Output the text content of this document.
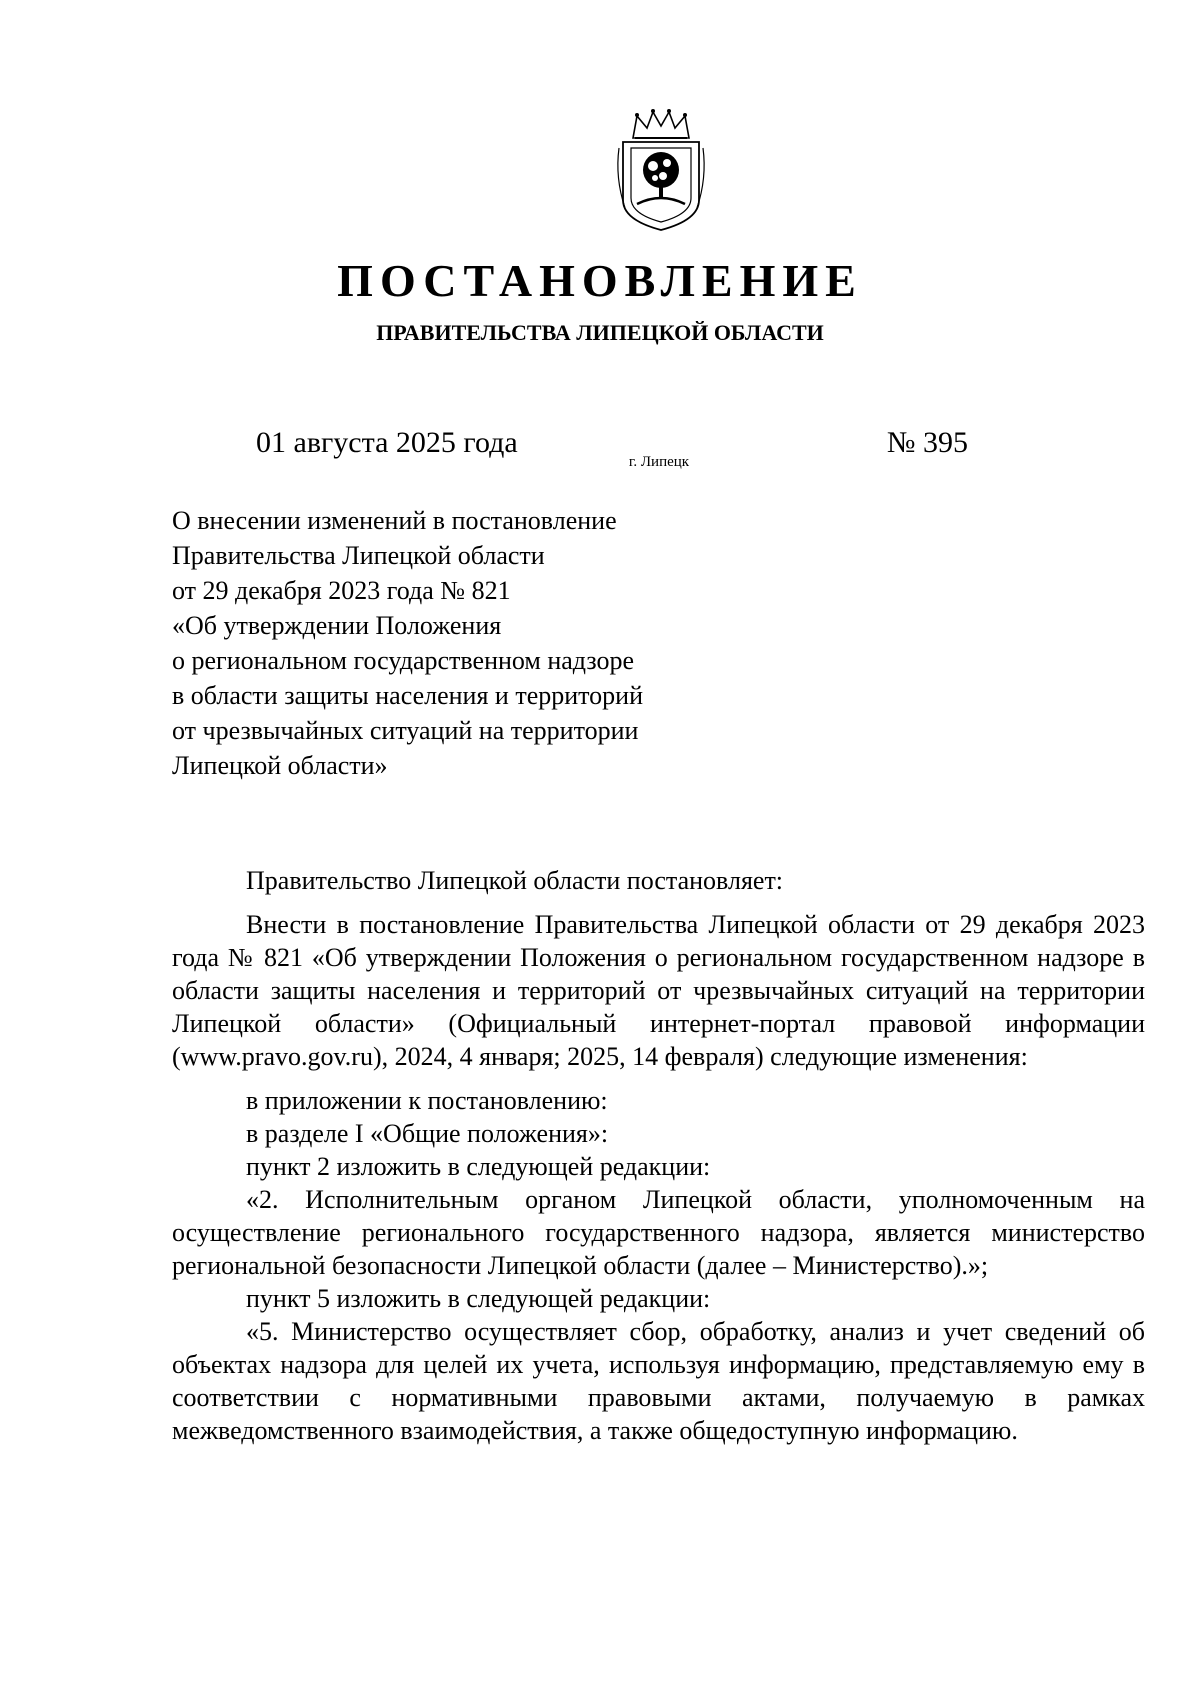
ПОСТАНОВЛЕНИЕ
ПРАВИТЕЛЬСТВА ЛИПЕЦКОЙ ОБЛАСТИ
01 августа 2025 года
г. Липецк
№ 395
О внесении изменений в постановление
Правительства Липецкой области
от 29 декабря 2023 года № 821
«Об утверждении Положения
о региональном государственном надзоре
в области защиты населения и территорий
от чрезвычайных ситуаций на территории
Липецкой области»

Правительство Липецкой области постановляет:

Внести в постановление Правительства Липецкой области от 29 декабря 2023 года № 821 «Об утверждении Положения о региональном государственном надзоре в области защиты населения и территорий от чрезвычайных ситуаций на территории Липецкой области» (Официальный интернет-портал правовой информации (www.pravo.gov.ru), 2024, 4 января; 2025, 14 февраля) следующие изменения:

в приложении к постановлению:

в разделе I «Общие положения»:

пункт 2 изложить в следующей редакции:

«2. Исполнительным органом Липецкой области, уполномоченным на осуществление регионального государственного надзора, является министерство региональной безопасности Липецкой области (далее – Министерство).»;

пункт 5 изложить в следующей редакции:

«5. Министерство осуществляет сбор, обработку, анализ и учет сведений об объектах надзора для целей их учета, используя информацию, представляемую ему в соответствии с нормативными правовыми актами, получаемую в рамках межведомственного взаимодействия, а также общедоступную информацию.
